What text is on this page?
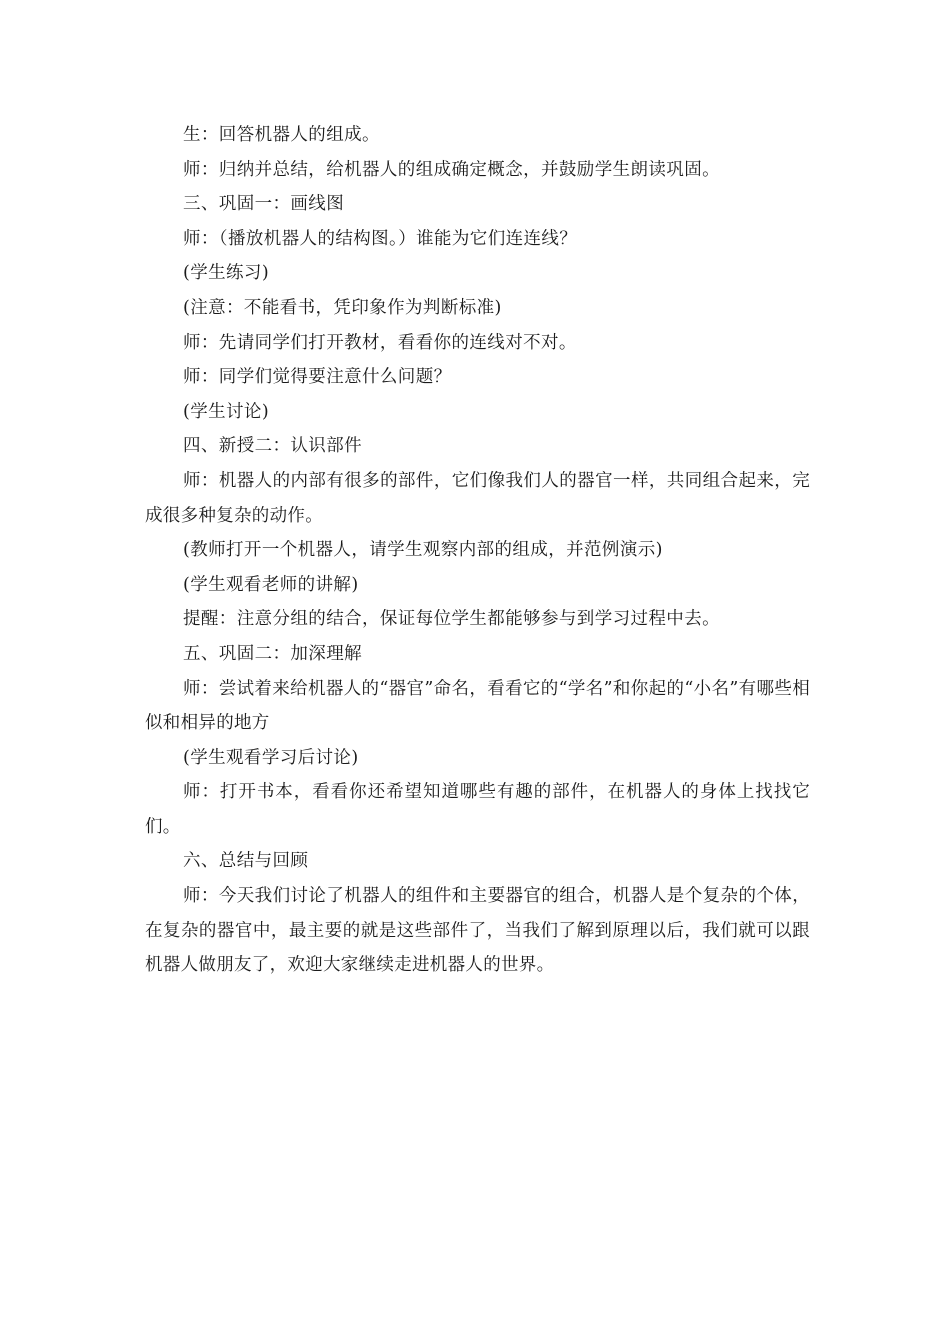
生：回答机器人的组成。
师：归纳并总结，给机器人的组成确定概念，并鼓励学生朗读巩固。
三、巩固一：画线图
师：（播放机器人的结构图。）谁能为它们连连线？
(学生练习)
(注意：不能看书，凭印象作为判断标准)
师：先请同学们打开教材，看看你的连线对不对。
师：同学们觉得要注意什么问题？
(学生讨论)
四、新授二：认识部件
师：机器人的内部有很多的部件，它们像我们人的器官一样，共同组合起来，完成很多种复杂的动作。
(教师打开一个机器人，请学生观察内部的组成，并范例演示)
(学生观看老师的讲解)
提醒：注意分组的结合，保证每位学生都能够参与到学习过程中去。
五、巩固二：加深理解
师：尝试着来给机器人的“器官”命名，看看它的“学名”和你起的“小名”有哪些相似和相异的地方
(学生观看学习后讨论)
师：打开书本，看看你还希望知道哪些有趣的部件，在机器人的身体上找找它们。
六、总结与回顾
师：今天我们讨论了机器人的组件和主要器官的组合，机器人是个复杂的个体，在复杂的器官中，最主要的就是这些部件了，当我们了解到原理以后，我们就可以跟机器人做朋友了，欢迎大家继续走进机器人的世界。
